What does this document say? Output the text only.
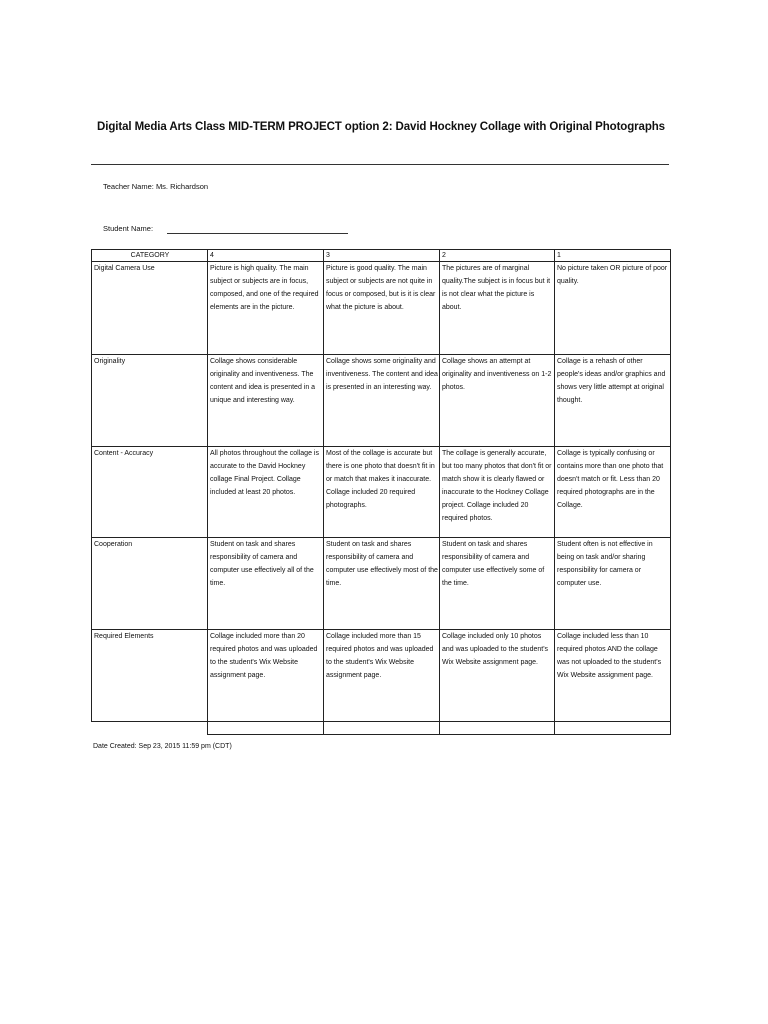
Digital Media Arts Class MID-TERM PROJECT option 2: David Hockney Collage with Original Photographs
Teacher Name: Ms. Richardson
Student Name:
CATEGORY	4	3	2	1
Digital Camera Use	Picture is high quality. The main subject or subjects are in focus, composed, and one of the required elements are in the picture.	Picture is good quality. The main subject or subjects are not quite in focus or composed, but is it is clear what the picture is about.	The pictures are of marginal quality.The subject is in focus but it is not clear what the picture is about.	No picture taken OR picture of poor quality.
Originality	Collage shows considerable originality and inventiveness. The content and idea is presented in a unique and interesting way.	Collage shows some originality and inventiveness. The content and idea is presented in an interesting way.	Collage shows an attempt at originality and inventiveness on 1-2 photos.	Collage is a rehash of other people's ideas and/or graphics and shows very little attempt at original thought.
Content - Accuracy	All photos throughout the collage is accurate to the David Hockney collage Final Project. Collage included at least 20 photos.	Most of the collage is accurate but there is one photo that doesn't fit in or match that makes it inaccurate. Collage included 20 required photographs.	The collage is generally accurate, but too many photos that don't fit or match show it is clearly flawed or inaccurate to the Hockney Collage project. Collage included 20 required photos.	Collage is typically confusing or contains more than one photo that doesn't match or fit. Less than 20 required photographs are in the Collage.
Cooperation	Student on task and shares responsibility of camera and computer use effectively all of the time.	Student on task and shares responsibility of camera and computer use effectively most of the time.	Student on task and shares responsibility of camera and computer use effectively some of the time.	Student often is not effective in being on task and/or sharing responsibility for camera or computer use.
Required Elements	Collage included more than 20 required photos and was uploaded to the student's Wix Website assignment page.	Collage included more than 15 required photos and was uploaded to the student's Wix Website assignment page.	Collage included only 10 photos and was uploaded to the student's Wix Website assignment page.	Collage included less than 10 required photos AND the collage was not uploaded to the student's Wix Website assignment page.

Date Created: Sep 23, 2015 11:59 pm (CDT)
